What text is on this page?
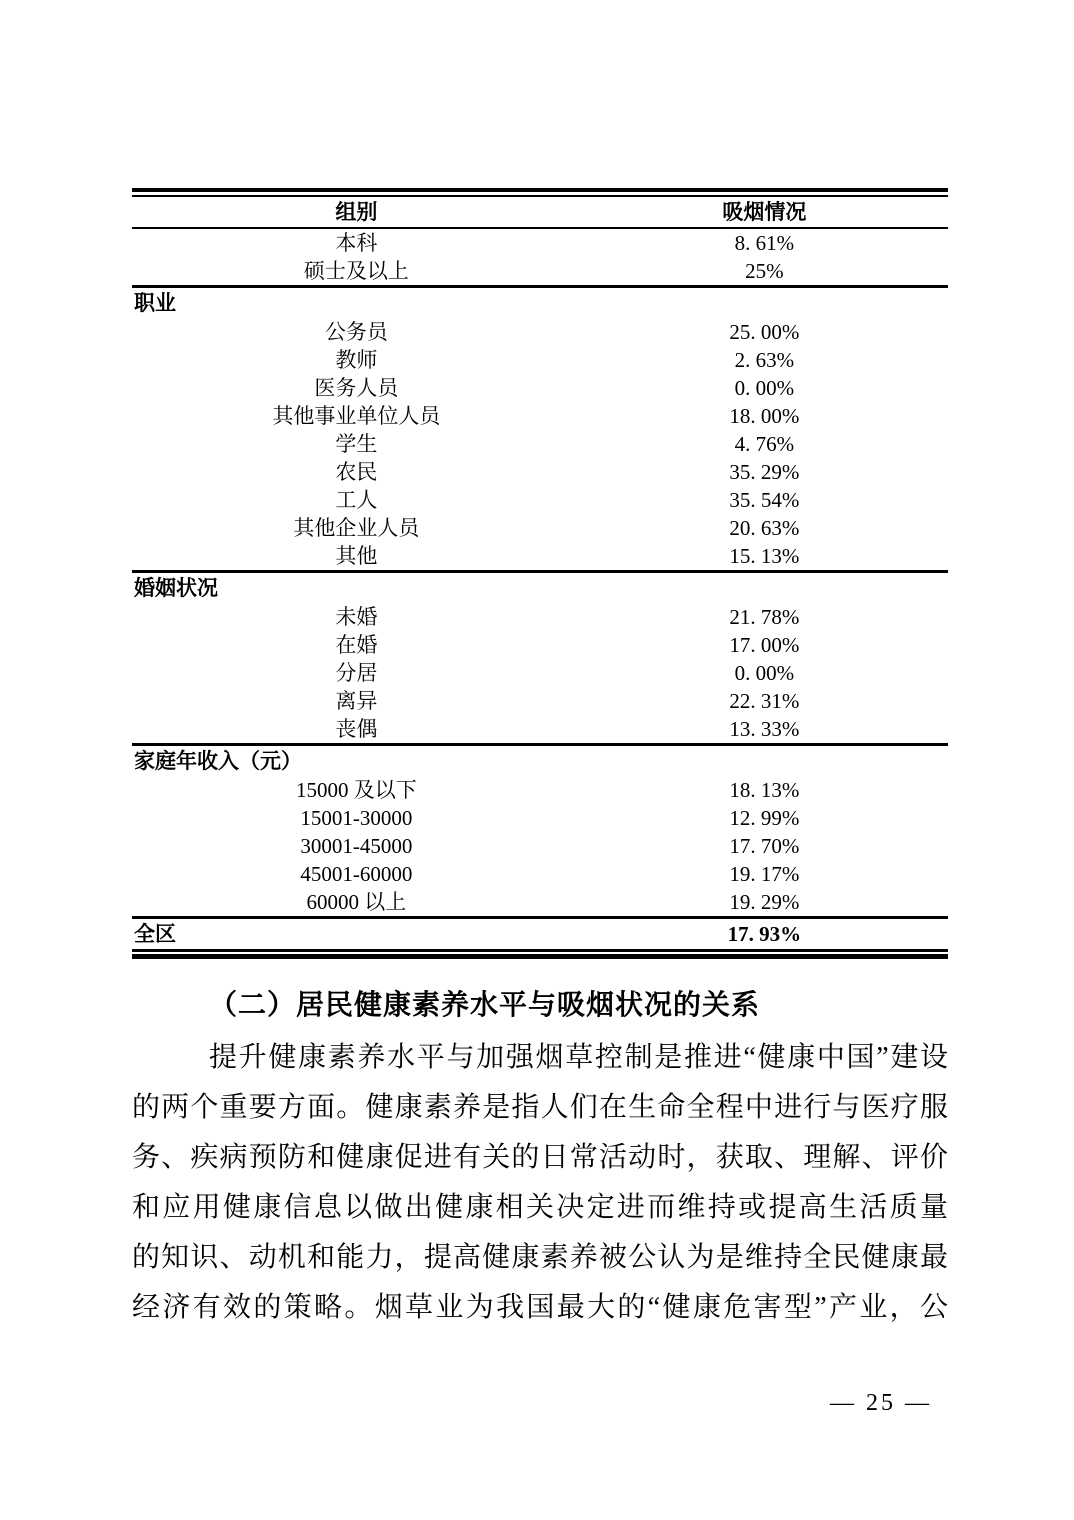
组别	吸烟情况
本科	8. 61%
硕士及以上	25%
职业
公务员	25. 00%
教师	2. 63%
医务人员	0. 00%
其他事业单位人员	18. 00%
学生	4. 76%
农民	35. 29%
工人	35. 54%
其他企业人员	20. 63%
其他	15. 13%
婚姻状况
未婚	21. 78%
在婚	17. 00%
分居	0. 00%
离异	22. 31%
丧偶	13. 33%
家庭年收入（元）
15000 及以下	18. 13%
15001-30000	12. 99%
30001-45000	17. 70%
45001-60000	19. 17%
60000 以上	19. 29%
全区	17. 93%
（二）居民健康素养水平与吸烟状况的关系
提升健康素养水平与加强烟草控制是推进“健康中国”建设
的两个重要方面。健康素养是指人们在生命全程中进行与医疗服
务、疾病预防和健康促进有关的日常活动时，获取、理解、评价
和应用健康信息以做出健康相关决定进而维持或提高生活质量
的知识、动机和能力，提高健康素养被公认为是维持全民健康最
经济有效的策略。烟草业为我国最大的“健康危害型”产业，公
— 25 —
